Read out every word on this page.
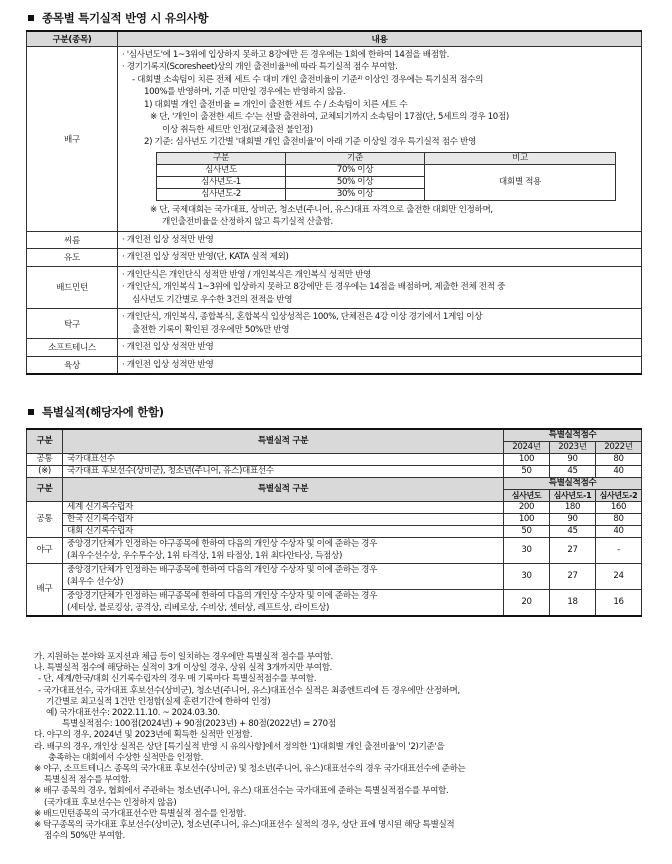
종목별 특기실적 반영 시 유의사항
구분(종목)	내용
배구	
· '심사년도'에 1~3위에 입상하지 못하고 8강에만 든 경우에는 1회에 한하여 14점을 배점함.
· 경기기록지(Scoresheet)상의 개인 출전비율¹⁾에 따라 특기실적 점수 부여함.
- 대회별 소속팀이 치른 전체 세트 수 대비 개인 출전비율이 기준²⁾ 이상인 경우에는 특기실적 점수의
100%를 반영하며, 기준 미만일 경우에는 반영하지 않음.
1) 대회별 개인 출전비율 = 개인이 출전한 세트 수 / 소속팀이 치른 세트 수
※ 단, '개인이 출전한 세트 수'는 선발 출전하여, 교체되기까지 소속팀이 17점(단, 5세트의 경우 10점)
이상 취득한 세트만 인정(교체출전 불인정)
2) 기준: 심사년도 기간별 '대회별 개인 출전비율'이 아래 기준 이상일 경우 특기실적 점수 반영
구분	기준	비고
심사년도	70% 이상	대회별 적용
심사년도-1	50% 이상
심사년도-2	30% 이상
※ 단, 국제대회는 국가대표, 상비군, 청소년(주니어, 유스)대표 자격으로 출전한 대회만 인정하며,
개인출전비율을 산정하지 않고 특기실적 산출함.

씨름	· 개인전 입상 성적만 반영

유도	· 개인전 입상 성적만 반영(단, KATA 실적 제외)

배드민턴	
· 개인단식은 개인단식 성적만 반영 / 개인복식은 개인복식 성적만 반영
· 개인단식, 개인복식 1~3위에 입상하지 못하고 8강에만 든 경우에는 14점을 배점하며, 제출한 전체 전적 중
심사년도 기간별로 우수한 3건의 전적을 반영

탁구	
· 개인단식, 개인복식, 종합복식, 혼합복식 입상성적은 100%, 단체전은 4강 이상 경기에서 1게임 이상
출전한 기록이 확인된 경우에만 50%만 반영

소프트테니스	· 개인전 입상 성적만 반영

육상	· 개인전 입상 성적만 반영
특별실적(해당자에 한함)
구분	특별실적 구분	특별실적점수		
		2024년	2023년	2022년
공통	국가대표선수	100	90	80
(※)	국가대표 후보선수(상비군), 청소년(주니어, 유스)대표선수	50	45	40
구분	특별실적 구분	특별실적점수		
		심사년도	심사년도-1	심사년도-2
공통	세계 신기록수립자	200	180	160
	한국 신기록수립자	100	90	80
	대회 신기록수립자	50	45	40
야구	중앙경기단체가 인정하는 야구종목에 한하여 다음의 개인상 수상자 및 이에 준하는 경우
(최우수선수상, 우수투수상, 1위 타격상, 1위 타점상, 1위 최다안타상, 득점상)	30	27	-
배구	중앙경기단체가 인정하는 배구종목에 한하여 다음의 개인상 수상자 및 이에 준하는 경우
(최우수 선수상)	30	27	24

	중앙경기단체가 인정하는 배구종목에 한하여 다음의 개인상 수상자 및 이에 준하는 경우
(세터상, 블로킹상, 공격상, 리베로상, 수비상, 센터상, 레프트상, 라이트상)	20	18	16
가. 지원하는 분야와 포지션과 체급 등이 일치하는 경우에만 특별실적 점수를 부여함.
나. 특별실적 점수에 해당하는 실적이 3개 이상일 경우, 상위 실적 3개까지만 부여함.
- 단, 세계/한국/대회 신기록수립자의 경우 매 기록마다 특별실적점수를 부여함.
- 국가대표선수, 국가대표 후보선수(상비군), 청소년(주니어, 유스)대표선수 실적은 최종엔트리에 든 경우에만 산정하며,
기간별로 최고실적 1건만 인정함(실제 훈련기간에 한하여 인정)
예) 국가대표선수: 2022.11.10. ~ 2024.03.30.
특별실적점수: 100점(2024년) + 90점(2023년) + 80점(2022년) = 270점
다. 야구의 경우, 2024년 및 2023년에 획득한 실적만 인정함.
라. 배구의 경우, 개인상 실적은 상단 [특기실적 반영 시 유의사항]에서 정의한 '1)대회별 개인 출전비율'이 '2)기준'을
충족하는 대회에서 수상한 실적만을 인정함.
※ 야구, 소프트테니스 종목의 국가대표 후보선수(상비군) 및 청소년(주니어, 유스)대표선수의 경우 국가대표선수에 준하는
특별실적 점수를 부여함.
※ 배구 종목의 경우, 협회에서 주관하는 청소년(주니어, 유스) 대표선수는 국가대표에 준하는 특별실적점수를 부여함.
(국가대표 후보선수는 인정하지 않음)
※ 배드민턴종목의 국가대표선수만 특별실적 점수를 인정함.
※ 탁구종목의 국가대표 후보선수(상비군), 청소년(주니어, 유스)대표선수 실적의 경우, 상단 표에 명시된 해당 특별실적
점수의 50%만 부여함.
